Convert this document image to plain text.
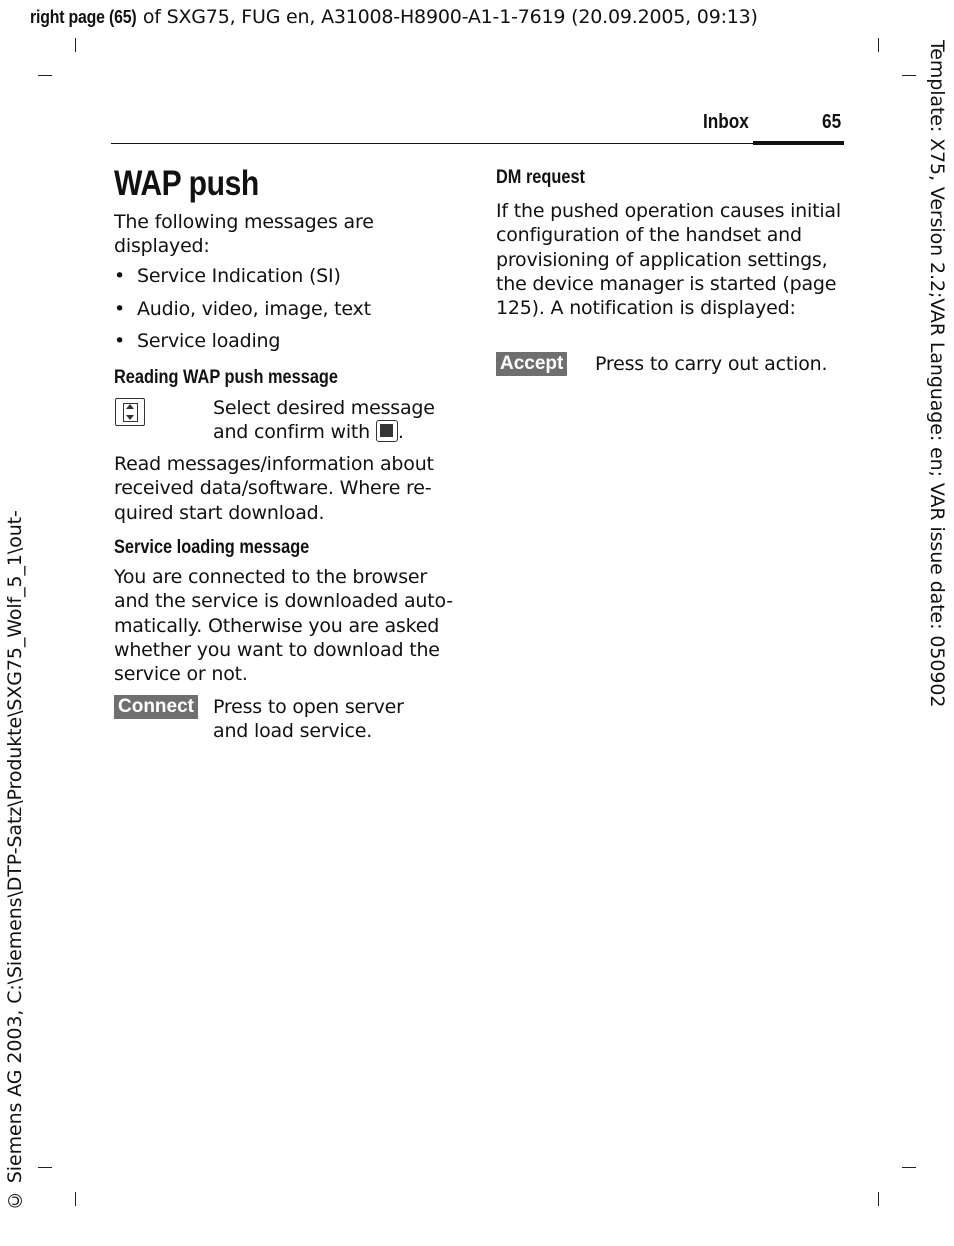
right page (65) of SXG75, FUG en, A31008-H8900-A1-1-7619 (20.09.2005, 09:13)
Template: X75, Version 2.2;VAR Language: en; VAR issue date: 050902
© Siemens AG 2003, C:\Siemens\DTP-Satz\Produkte\SXG75_Wolf_5_1\out-
Inbox	65
WAP push
The following messages are displayed:
• Service Indication (SI)
• Audio, video, image, text
• Service loading
Reading WAP push message
Select desired message and confirm with .
Read messages/information about received data/software. Where re-quired start download.
Service loading message
You are connected to the browser and the service is downloaded auto-matically. Otherwise you are asked whether you want to download the service or not.
Connect Press to open server and load service.
DM request
If the pushed operation causes initial configuration of the handset and provisioning of application settings, the device manager is started (page 125). A notification is displayed:
Accept Press to carry out action.
